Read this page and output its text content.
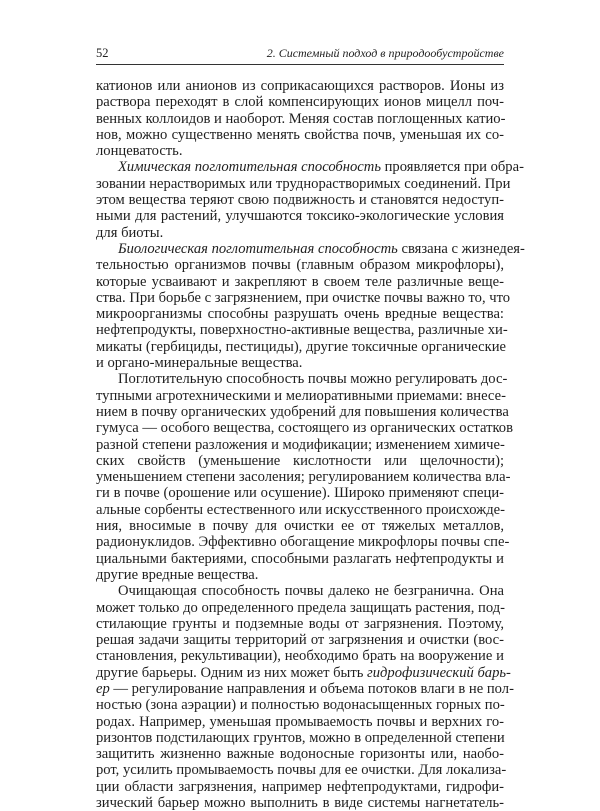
52	2. Системный подход в природообустройстве
катионов или анионов из соприкасающихся растворов. Ионы из
раствора переходят в слой компенсирующих ионов мицелл поч-
венных коллоидов и наоборот. Меняя состав поглощенных катио-
нов, можно существенно менять свойства почв, уменьшая их со-
лонцеватость.
Химическая поглотительная способность проявляется при обра-
зовании нерастворимых или труднорастворимых соединений. При
этом вещества теряют свою подвижность и становятся недоступ-
ными для растений, улучшаются токсико-экологические условия
для биоты.
Биологическая поглотительная способность связана с жизнедея-
тельностью организмов почвы (главным образом микрофлоры),
которые усваивают и закрепляют в своем теле различные веще-
ства. При борьбе с загрязнением, при очистке почвы важно то, что
микроорганизмы способны разрушать очень вредные вещества:
нефтепродукты, поверхностно-активные вещества, различные хи-
микаты (гербициды, пестициды), другие токсичные органические
и органо-минеральные вещества.
Поглотительную способность почвы можно регулировать дос-
тупными агротехническими и мелиоративными приемами: внесе-
нием в почву органических удобрений для повышения количества
гумуса — особого вещества, состоящего из органических остатков
разной степени разложения и модификации; изменением химиче-
ских свойств (уменьшение кислотности или щелочности);
уменьшением степени засоления; регулированием количества вла-
ги в почве (орошение или осушение). Широко применяют специ-
альные сорбенты естественного или искусственного происхожде-
ния, вносимые в почву для очистки ее от тяжелых металлов,
радионуклидов. Эффективно обогащение микрофлоры почвы спе-
циальными бактериями, способными разлагать нефтепродукты и
другие вредные вещества.
Очищающая способность почвы далеко не безгранична. Она
может только до определенного предела защищать растения, под-
стилающие грунты и подземные воды от загрязнения. Поэтому,
решая задачи защиты территорий от загрязнения и очистки (вос-
становления, рекультивации), необходимо брать на вооружение и
другие барьеры. Одним из них может быть гидрофизический барь-
ер — регулирование направления и объема потоков влаги в не пол-
ностью (зона аэрации) и полностью водонасыщенных горных по-
родах. Например, уменьшая промываемость почвы и верхних го-
ризонтов подстилающих грунтов, можно в определенной степени
защитить жизненно важные водоносные горизонты или, наобо-
рот, усилить промываемость почвы для ее очистки. Для локализа-
ции области загрязнения, например нефтепродуктами, гидрофи-
зический барьер можно выполнить в виде системы нагнетатель-
